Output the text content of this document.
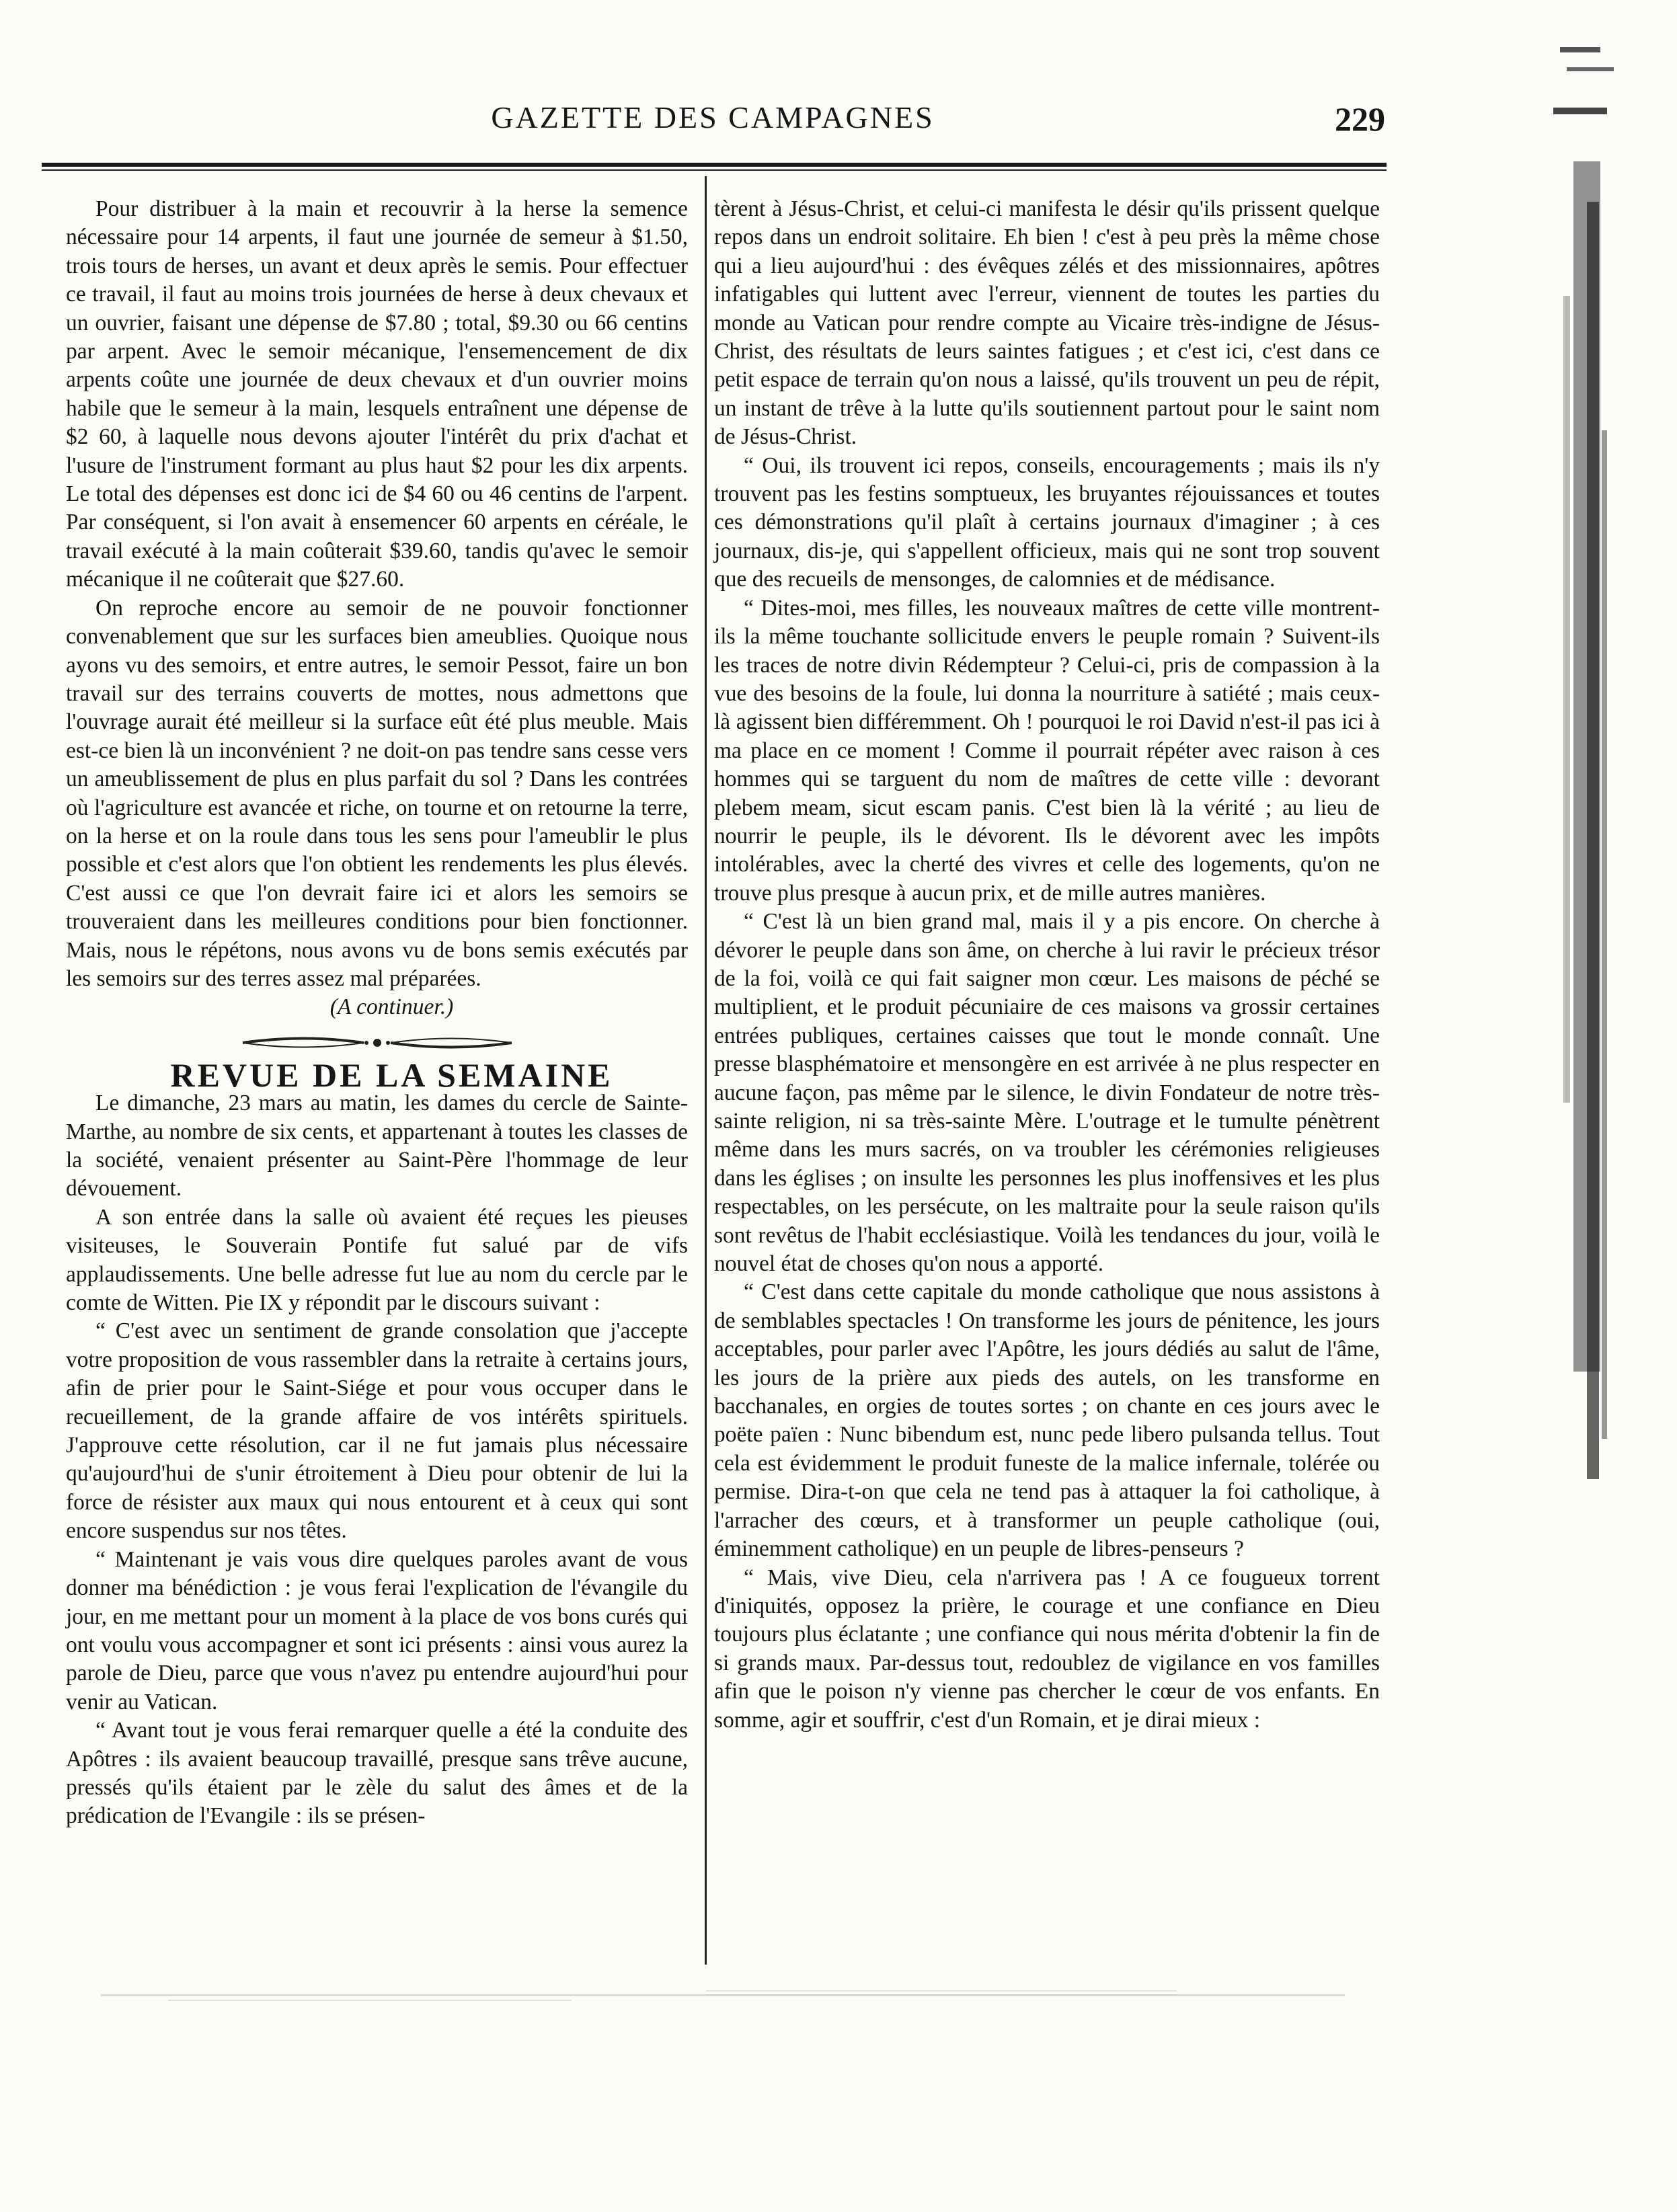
GAZETTE DES CAMPAGNES	229

Pour distribuer à la main et recouvrir à la herse la semence nécessaire pour 14 arpents, il faut une journée de semeur à $1.50, trois tours de herses, un avant et deux après le semis. Pour effectuer ce travail, il faut au moins trois journées de herse à deux chevaux et un ouvrier, faisant une dépense de $7.80 ; total, $9.30 ou 66 centins par arpent. Avec le semoir mécanique, l'ensemencement de dix arpents coûte une journée de deux chevaux et d'un ouvrier moins habile que le semeur à la main, lesquels entraînent une dépense de $2 60, à laquelle nous devons ajouter l'intérêt du prix d'achat et l'usure de l'instrument formant au plus haut $2 pour les dix arpents. Le total des dépenses est donc ici de $4 60 ou 46 centins de l'arpent. Par conséquent, si l'on avait à ensemencer 60 arpents en céréale, le travail exécuté à la main coûterait $39.60, tandis qu'avec le semoir mécanique il ne coûterait que $27.60.

On reproche encore au semoir de ne pouvoir fonctionner convenablement que sur les surfaces bien ameublies. Quoique nous ayons vu des semoirs, et entre autres, le semoir Pessot, faire un bon travail sur des terrains couverts de mottes, nous admettons que l'ouvrage aurait été meilleur si la surface eût été plus meuble. Mais est-ce bien là un inconvénient ? ne doit-on pas tendre sans cesse vers un ameublissement de plus en plus parfait du sol ? Dans les contrées où l'agriculture est avancée et riche, on tourne et on retourne la terre, on la herse et on la roule dans tous les sens pour l'ameublir le plus possible et c'est alors que l'on obtient les rendements les plus élevés. C'est aussi ce que l'on devrait faire ici et alors les semoirs se trouveraient dans les meilleures conditions pour bien fonctionner. Mais, nous le répétons, nous avons vu de bons semis exécutés par les semoirs sur des terres assez mal préparées.

(A continuer.)

REVUE DE LA SEMAINE

Le dimanche, 23 mars au matin, les dames du cercle de Sainte-Marthe, au nombre de six cents, et appartenant à toutes les classes de la société, venaient présenter au Saint-Père l'hommage de leur dévouement.

A son entrée dans la salle où avaient été reçues les pieuses visiteuses, le Souverain Pontife fut salué par de vifs applaudissements. Une belle adresse fut lue au nom du cercle par le comte de Witten. Pie IX y répondit par le discours suivant :

“ C'est avec un sentiment de grande consolation que j'accepte votre proposition de vous rassembler dans la retraite à certains jours, afin de prier pour le Saint-Siége et pour vous occuper dans le recueillement, de la grande affaire de vos intérêts spirituels. J'approuve cette résolution, car il ne fut jamais plus nécessaire qu'aujourd'hui de s'unir étroitement à Dieu pour obtenir de lui la force de résister aux maux qui nous entourent et à ceux qui sont encore suspendus sur nos têtes.

“ Maintenant je vais vous dire quelques paroles avant de vous donner ma bénédiction : je vous ferai l'explication de l'évangile du jour, en me mettant pour un moment à la place de vos bons curés qui ont voulu vous accompagner et sont ici présents : ainsi vous aurez la parole de Dieu, parce que vous n'avez pu entendre aujourd'hui pour venir au Vatican.

“ Avant tout je vous ferai remarquer quelle a été la conduite des Apôtres : ils avaient beaucoup travaillé, presque sans trêve aucune, pressés qu'ils étaient par le zèle du salut des âmes et de la prédication de l'Evangile : ils se présen-

tèrent à Jésus-Christ, et celui-ci manifesta le désir qu'ils prissent quelque repos dans un endroit solitaire. Eh bien ! c'est à peu près la même chose qui a lieu aujourd'hui : des évêques zélés et des missionnaires, apôtres infatigables qui luttent avec l'erreur, viennent de toutes les parties du monde au Vatican pour rendre compte au Vicaire très-indigne de Jésus-Christ, des résultats de leurs saintes fatigues ; et c'est ici, c'est dans ce petit espace de terrain qu'on nous a laissé, qu'ils trouvent un peu de répit, un instant de trêve à la lutte qu'ils soutiennent partout pour le saint nom de Jésus-Christ.

“ Oui, ils trouvent ici repos, conseils, encouragements ; mais ils n'y trouvent pas les festins somptueux, les bruyantes réjouissances et toutes ces démonstrations qu'il plaît à certains journaux d'imaginer ; à ces journaux, dis-je, qui s'appellent officieux, mais qui ne sont trop souvent que des recueils de mensonges, de calomnies et de médisance.

“ Dites-moi, mes filles, les nouveaux maîtres de cette ville montrent-ils la même touchante sollicitude envers le peuple romain ? Suivent-ils les traces de notre divin Rédempteur ? Celui-ci, pris de compassion à la vue des besoins de la foule, lui donna la nourriture à satiété ; mais ceux-là agissent bien différemment. Oh ! pourquoi le roi David n'est-il pas ici à ma place en ce moment ! Comme il pourrait répéter avec raison à ces hommes qui se targuent du nom de maîtres de cette ville : devorant plebem meam, sicut escam panis. C'est bien là la vérité ; au lieu de nourrir le peuple, ils le dévorent. Ils le dévorent avec les impôts intolérables, avec la cherté des vivres et celle des logements, qu'on ne trouve plus presque à aucun prix, et de mille autres manières.

“ C'est là un bien grand mal, mais il y a pis encore. On cherche à dévorer le peuple dans son âme, on cherche à lui ravir le précieux trésor de la foi, voilà ce qui fait saigner mon cœur. Les maisons de péché se multiplient, et le produit pécuniaire de ces maisons va grossir certaines entrées publiques, certaines caisses que tout le monde connaît. Une presse blasphématoire et mensongère en est arrivée à ne plus respecter en aucune façon, pas même par le silence, le divin Fondateur de notre très-sainte religion, ni sa très-sainte Mère. L'outrage et le tumulte pénètrent même dans les murs sacrés, on va troubler les cérémonies religieuses dans les églises ; on insulte les personnes les plus inoffensives et les plus respectables, on les persécute, on les maltraite pour la seule raison qu'ils sont revêtus de l'habit ecclésiastique. Voilà les tendances du jour, voilà le nouvel état de choses qu'on nous a apporté.

“ C'est dans cette capitale du monde catholique que nous assistons à de semblables spectacles ! On transforme les jours de pénitence, les jours acceptables, pour parler avec l'Apôtre, les jours dédiés au salut de l'âme, les jours de la prière aux pieds des autels, on les transforme en bacchanales, en orgies de toutes sortes ; on chante en ces jours avec le poëte païen : Nunc bibendum est, nunc pede libero pulsanda tellus. Tout cela est évidemment le produit funeste de la malice infernale, tolérée ou permise. Dira-t-on que cela ne tend pas à attaquer la foi catholique, à l'arracher des cœurs, et à transformer un peuple catholique (oui, éminemment catholique) en un peuple de libres-penseurs ?

“ Mais, vive Dieu, cela n'arrivera pas ! A ce fougueux torrent d'iniquités, opposez la prière, le courage et une confiance en Dieu toujours plus éclatante ; une confiance qui nous mérita d'obtenir la fin de si grands maux. Par-dessus tout, redoublez de vigilance en vos familles afin que le poison n'y vienne pas chercher le cœur de vos enfants. En somme, agir et souffrir, c'est d'un Romain, et je dirai mieux :
